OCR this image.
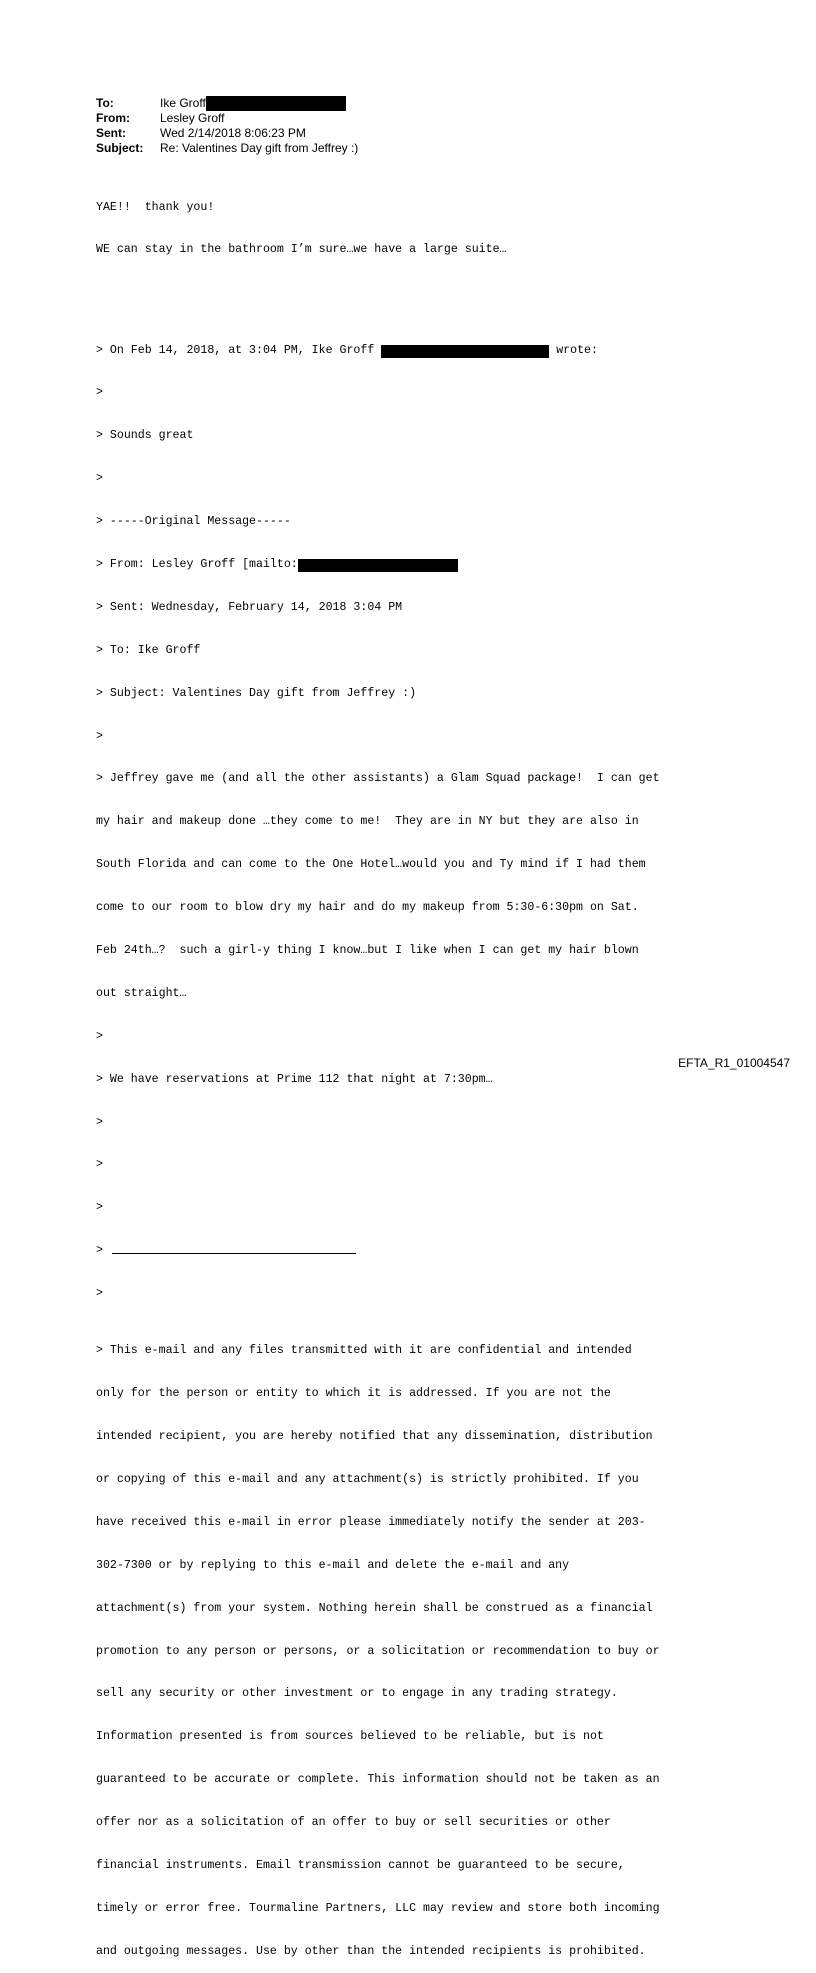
To:	Ike Groff
From:	Lesley Groff
Sent:	Wed 2/14/2018 8:06:23 PM
Subject: Re: Valentines Day gift from Jeffrey :)

YAE!!  thank you!

WE can stay in the bathroom I’m sure…we have a large suite…

> On Feb 14, 2018, at 3:04 PM, Ike Groff	wrote:

>

> Sounds great

>

> -----Original Message-----

> From: Lesley Groff [mailto:

> Sent: Wednesday, February 14, 2018 3:04 PM

> To: Ike Groff

> Subject: Valentines Day gift from Jeffrey :)

>

> Jeffrey gave me (and all the other assistants) a Glam Squad package!  I can get

my hair and makeup done …they come to me!  They are in NY but they are also in

South Florida and can come to the One Hotel…would you and Ty mind if I had them

come to our room to blow dry my hair and do my makeup from 5:30-6:30pm on Sat.

Feb 24th…?  such a girl-y thing I know…but I like when I can get my hair blown

out straight…

>

> We have reservations at Prime 112 that night at 7:30pm…

>

>

>

>

>

> This e-mail and any files transmitted with it are confidential and intended

only for the person or entity to which it is addressed. If you are not the

intended recipient, you are hereby notified that any dissemination, distribution

or copying of this e-mail and any attachment(s) is strictly prohibited. If you

have received this e-mail in error please immediately notify the sender at 203-

302-7300 or by replying to this e-mail and delete the e-mail and any

attachment(s) from your system. Nothing herein shall be construed as a financial

promotion to any person or persons, or a solicitation or recommendation to buy or

sell any security or other investment or to engage in any trading strategy.

Information presented is from sources believed to be reliable, but is not

guaranteed to be accurate or complete. This information should not be taken as an

offer nor as a solicitation of an offer to buy or sell securities or other

financial instruments. Email transmission cannot be guaranteed to be secure,

timely or error free. Tourmaline Partners, LLC may review and store both incoming

and outgoing messages. Use by other than the intended recipients is prohibited.

EFTA_R1_01004547
